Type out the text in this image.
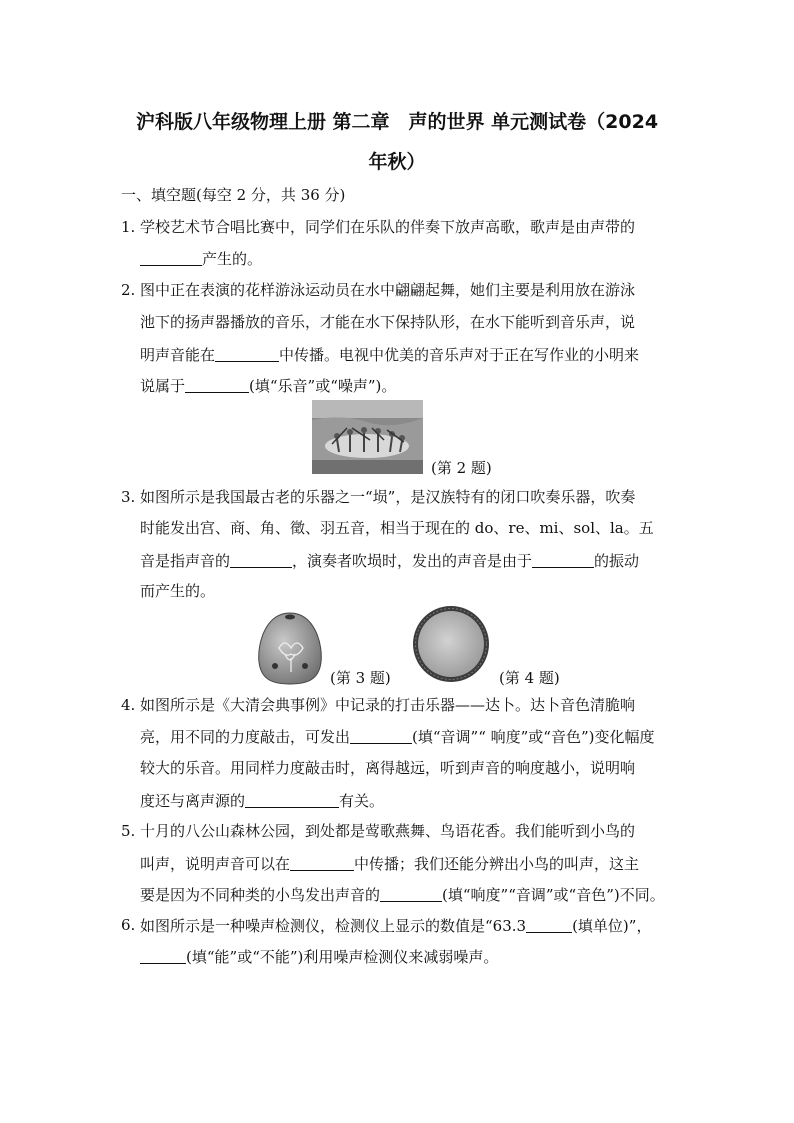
沪科版八年级物理上册 第二章　声的世界 单元测试卷（2024
年秋）
一、填空题(每空 2 分，共 36 分)
1. 学校艺术节合唱比赛中，同学们在乐队的伴奏下放声高歌，歌声是由声带的
产生的。
2. 图中正在表演的花样游泳运动员在水中翩翩起舞，她们主要是利用放在游泳
池下的扬声器播放的音乐，才能在水下保持队形，在水下能听到音乐声，说
明声音能在	中传播。电视中优美的音乐声对于正在写作业的小明来
说属于	(填“乐音”或“噪声”)。
(第 2 题)
3. 如图所示是我国最古老的乐器之一“埙”，是汉族特有的闭口吹奏乐器，吹奏
时能发出宫、商、角、徵、羽五音，相当于现在的 do、re、mi、sol、la。五
音是指声音的	，演奏者吹埙时，发出的声音是由于	的振动
而产生的。
(第 3 题)	(第 4 题)
4. 如图所示是《大清会典事例》中记录的打击乐器——达卜。达卜音色清脆响
亮，用不同的力度敲击，可发出	(填“音调”“ 响度”或“音色”)变化幅度
较大的乐音。用同样力度敲击时，离得越远，听到声音的响度越小，说明响
度还与离声源的	有关。
5. 十月的八公山森林公园，到处都是莺歌燕舞、鸟语花香。我们能听到小鸟的
叫声，说明声音可以在	中传播；我们还能分辨出小鸟的叫声，这主
要是因为不同种类的小鸟发出声音的	(填“响度”“音调”或“音色”)不同。
6. 如图所示是一种噪声检测仪，检测仪上显示的数值是“63.3	(填单位)”，
(填“能”或“不能”)利用噪声检测仪来减弱噪声。
